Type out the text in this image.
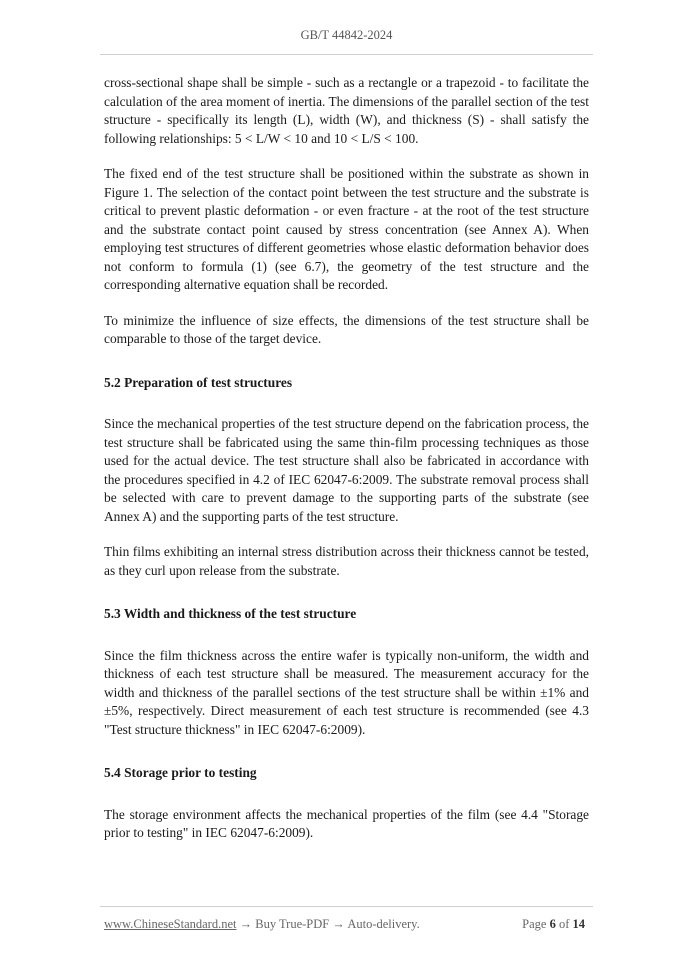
GB/T 44842-2024

cross-sectional shape shall be simple - such as a rectangle or a trapezoid - to facilitate the calculation of the area moment of inertia. The dimensions of the parallel section of the test structure - specifically its length (L), width (W), and thickness (S) - shall satisfy the following relationships: 5 < L/W < 10 and 10 < L/S < 100.

The fixed end of the test structure shall be positioned within the substrate as shown in Figure 1. The selection of the contact point between the test structure and the substrate is critical to prevent plastic deformation - or even fracture - at the root of the test structure and the substrate contact point caused by stress concentration (see Annex A). When employing test structures of different geometries whose elastic deformation behavior does not conform to formula (1) (see 6.7), the geometry of the test structure and the corresponding alternative equation shall be recorded.

To minimize the influence of size effects, the dimensions of the test structure shall be comparable to those of the target device.

5.2 Preparation of test structures

Since the mechanical properties of the test structure depend on the fabrication process, the test structure shall be fabricated using the same thin-film processing techniques as those used for the actual device. The test structure shall also be fabricated in accordance with the procedures specified in 4.2 of IEC 62047-6:2009. The substrate removal process shall be selected with care to prevent damage to the supporting parts of the substrate (see Annex A) and the supporting parts of the test structure.

Thin films exhibiting an internal stress distribution across their thickness cannot be tested, as they curl upon release from the substrate.

5.3 Width and thickness of the test structure

Since the film thickness across the entire wafer is typically non-uniform, the width and thickness of each test structure shall be measured. The measurement accuracy for the width and thickness of the parallel sections of the test structure shall be within ±1% and ±5%, respectively. Direct measurement of each test structure is recommended (see 4.3 "Test structure thickness" in IEC 62047-6:2009).

5.4 Storage prior to testing

The storage environment affects the mechanical properties of the film (see 4.4 "Storage prior to testing" in IEC 62047-6:2009).

www.ChineseStandard.net → Buy True-PDF → Auto-delivery.	Page 6 of 14
